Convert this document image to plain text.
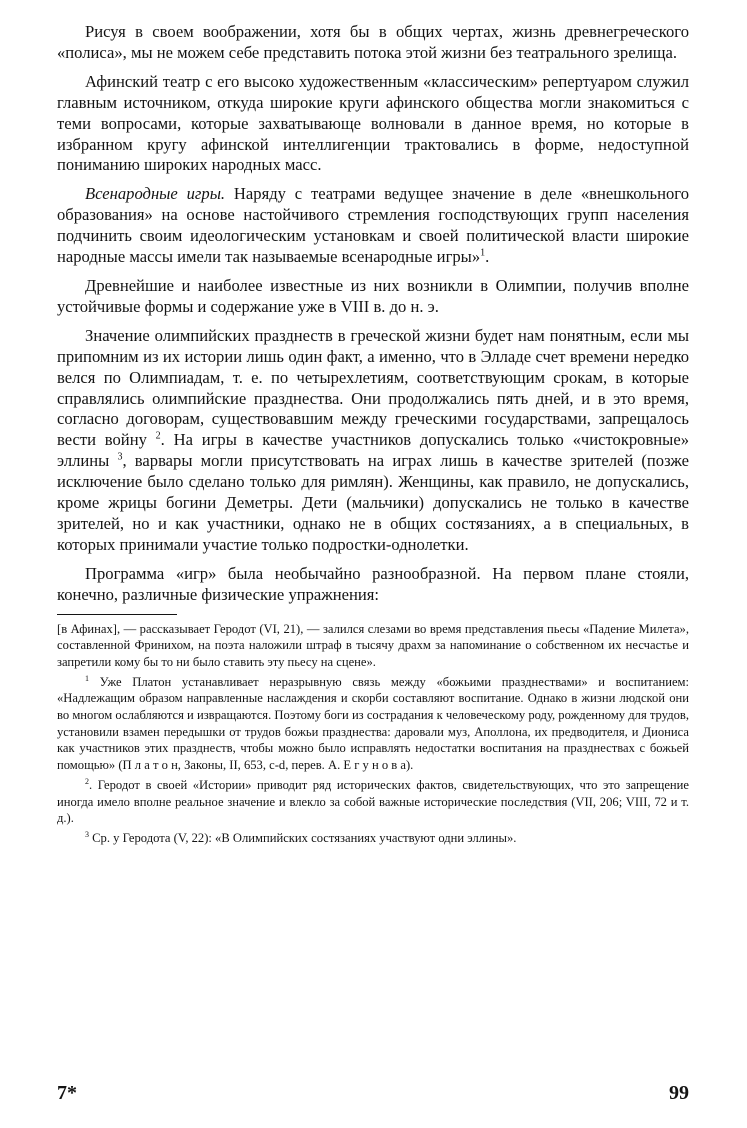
Рисуя в своем воображении, хотя бы в общих чертах, жизнь древнегреческого «полиса», мы не можем себе представить потока этой жизни без театрального зрелища.

Афинский театр с его высоко художественным «классическим» репертуаром служил главным источником, откуда широкие круги афинского общества могли знакомиться с теми вопросами, которые захватывающе волновали в данное время, но которые в избранном кругу афинской интеллигенции трактовались в форме, недоступной пониманию широких народных масс.

Всенародные игры. Наряду с театрами ведущее значение в деле «внешкольного образования» на основе настойчивого стремления господствующих групп населения подчинить своим идеологическим установкам и своей политической власти широкие народные массы имели так называемые всенародные игры»$^1$.

Древнейшие и наиболее известные из них возникли в Олимпии, получив вполне устойчивые формы и содержание уже в VIII в. до н. э.

Значение олимпийских празднеств в греческой жизни будет нам понятным, если мы припомним из их истории лишь один факт, а именно, что в Элладе счет времени нередко велся по Олимпиадам, т. е. по четырехлетиям, соответствующим срокам, в которые справлялись олимпийские празднества. Они продолжались пять дней, и в это время, согласно договорам, существовавшим между греческими государствами, запрещалось вести войну $^2$. На игры в качестве участников допускались только «чистокровные» эллины $^3$, варвары могли присутствовать на играх лишь в качестве зрителей (позже исключение было сделано только для римлян). Женщины, как правило, не допускались, кроме жрицы богини Деметры. Дети (мальчики) допускались не только в качестве зрителей, но и как участники, однако не в общих состязаниях, а в специальных, в которых принимали участие только подростки-однолетки.

Программа «игр» была необычайно разнообразной. На первом плане стояли, конечно, различные физические упражнения:

[в Афинах], — рассказывает Геродот (VI, 21), — залился слезами во время представления пьесы «Падение Милета», составленной Фринихом, на поэта наложили штраф в тысячу драхм за напоминание о собственном их несчастье и запретили кому бы то ни было ставить эту пьесу на сцене».

$^1$ Уже Платон устанавливает неразрывную связь между «божьими празднествами» и воспитанием: «Надлежащим образом направленные наслаждения и скорби составляют воспитание. Однако в жизни людской они во многом ослабляются и извращаются. Поэтому боги из сострадания к человеческому роду, рожденному для трудов, установили взамен передышки от трудов божьи празднества: даровали муз, Аполлона, их предводителя, и Диониса как участников этих празднеств, чтобы можно было исправлять недостатки воспитания на празднествах с божьей помощью» (П л а т о н, Законы, II, 653, c-d, перев. А. Е г у н о в а).

$^2$. Геродот в своей «Истории» приводит ряд исторических фактов, свидетельствующих, что это запрещение иногда имело вполне реальное значение и влекло за собой важные исторические последствия (VII, 206; VIII, 72 и т. д.).

$^3$ Ср. у Геродота (V, 22): «В Олимпийских состязаниях участвуют одни эллины».

7*	99
